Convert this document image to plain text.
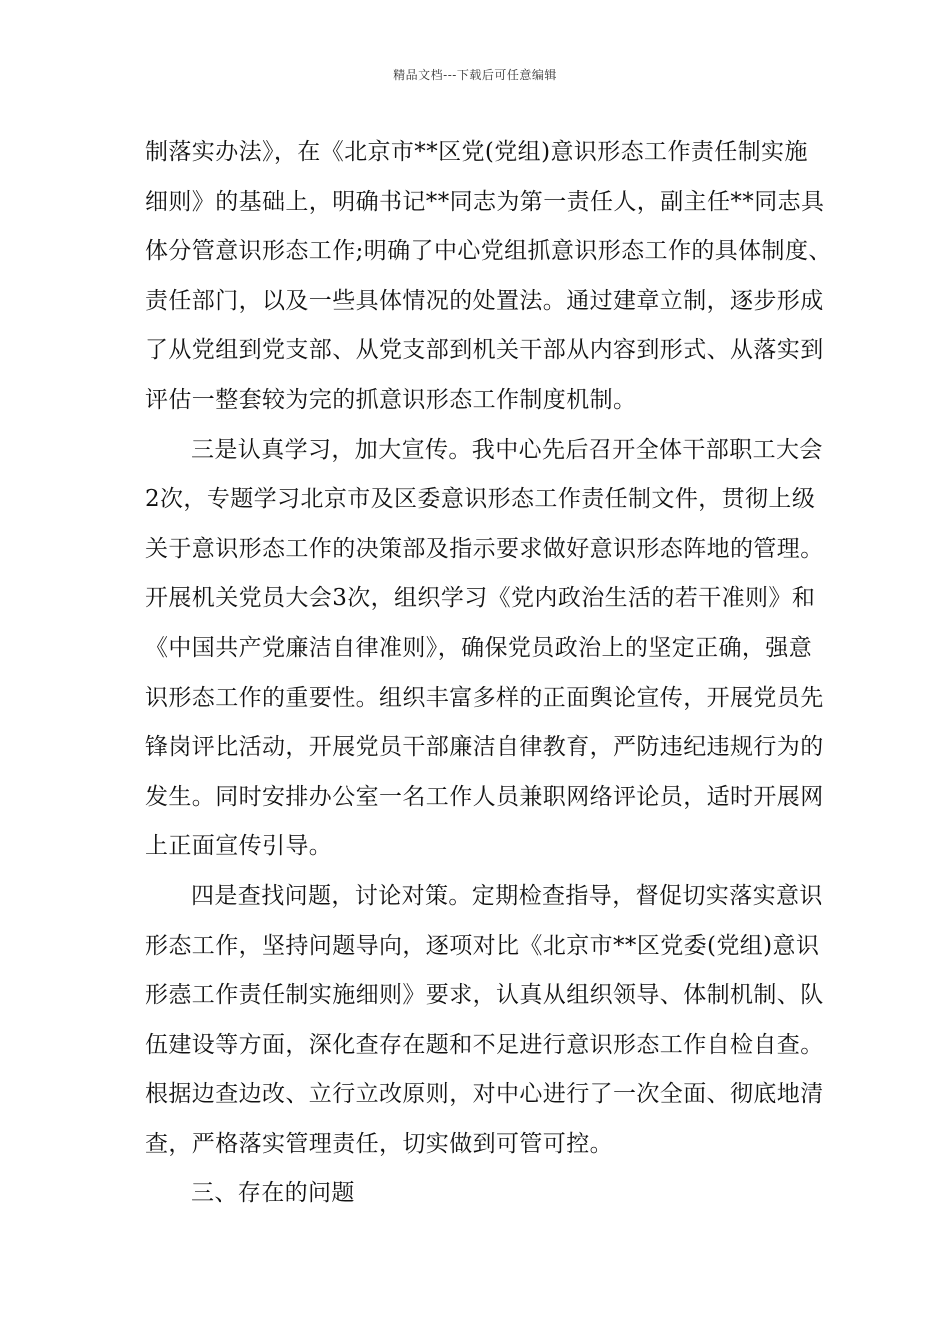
精品文档---下载后可任意编辑
制落实办法》，在《北京市**区党(党组)意识形态工作责任制实施
细则》的基础上，明确书记**同志为第一责任人，副主任**同志具
体分管意识形态工作;明确了中心党组抓意识形态工作的具体制度、
责任部门，以及一些具体情况的处置法。通过建章立制，逐步形成
了从党组到党支部、从党支部到机关干部从内容到形式、从落实到
评估一整套较为完的抓意识形态工作制度机制。
三是认真学习，加大宣传。我中心先后召开全体干部职工大会
2次，专题学习北京市及区委意识形态工作责任制文件，贯彻上级
关于意识形态工作的决策部及指示要求做好意识形态阵地的管理。
开展机关党员大会3次，组织学习《党内政治生活的若干准则》和
《中国共产党廉洁自律准则》，确保党员政治上的坚定正确，强意
识形态工作的重要性。组织丰富多样的正面舆论宣传，开展党员先
锋岗评比活动，开展党员干部廉洁自律教育，严防违纪违规行为的
发生。同时安排办公室一名工作人员兼职网络评论员，适时开展网
上正面宣传引导。
四是查找问题，讨论对策。定期检查指导，督促切实落实意识
形态工作，坚持问题导向，逐项对比《北京市**区党委(党组)意识
形悫工作责任制实施细则》要求，认真从组织领导、体制机制、队
伍建设等方面，深化查存在题和不足进行意识形态工作自检自查。
根据边查边改、立行立改原则，对中心进行了一次全面、彻底地清
查，严格落实管理责任，切实做到可管可控。
三、存在的问题
